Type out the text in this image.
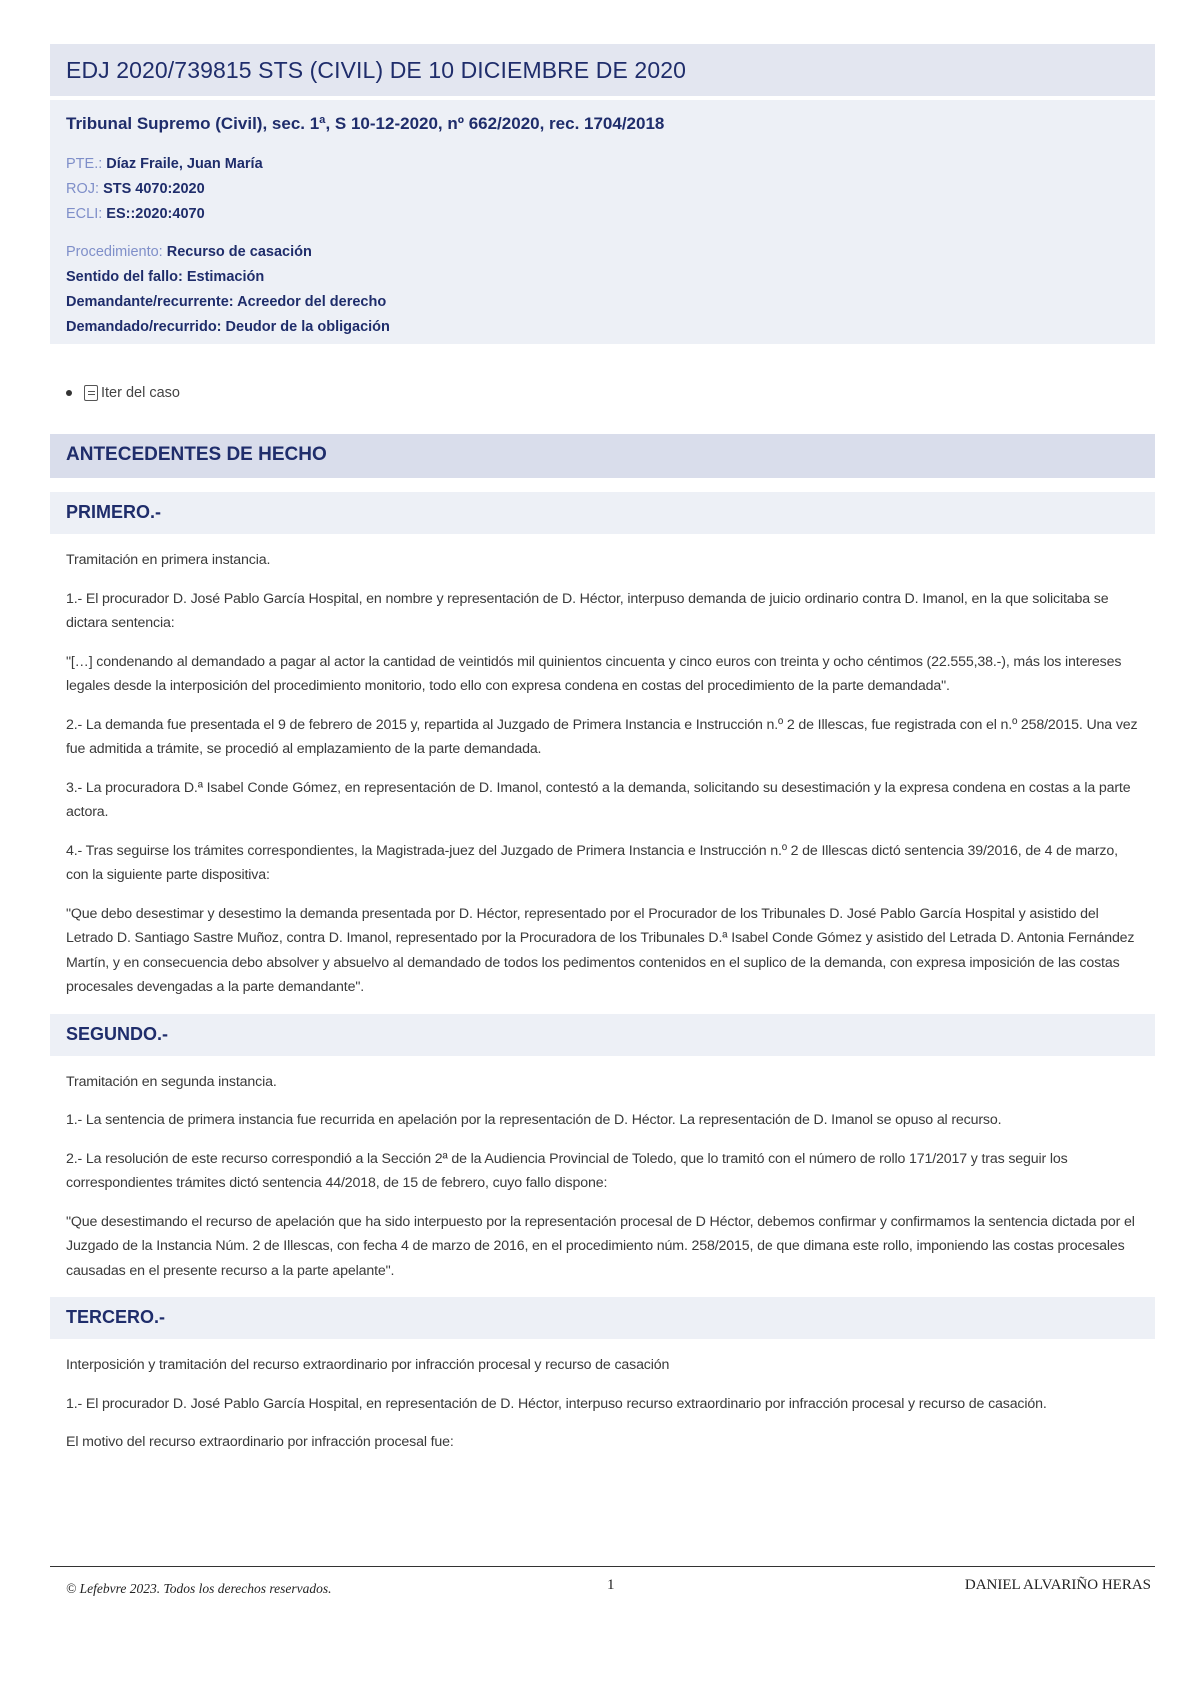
EDJ 2020/739815 STS (CIVIL) DE 10 DICIEMBRE DE 2020
Tribunal Supremo (Civil), sec. 1ª, S 10-12-2020, nº 662/2020, rec. 1704/2018
PTE.: Díaz Fraile, Juan María
ROJ: STS 4070:2020
ECLI: ES::2020:4070
Procedimiento: Recurso de casación
Sentido del fallo: Estimación
Demandante/recurrente: Acreedor del derecho
Demandado/recurrido: Deudor de la obligación
Iter del caso
ANTECEDENTES DE HECHO
PRIMERO.-

Tramitación en primera instancia.

1.- El procurador D. José Pablo García Hospital, en nombre y representación de D. Héctor, interpuso demanda de juicio ordinario contra D. Imanol, en la que solicitaba se dictara sentencia:

"[…] condenando al demandado a pagar al actor la cantidad de veintidós mil quinientos cincuenta y cinco euros con treinta y ocho céntimos (22.555,38.-), más los intereses legales desde la interposición del procedimiento monitorio, todo ello con expresa condena en costas del procedimiento de la parte demandada".

2.- La demanda fue presentada el 9 de febrero de 2015 y, repartida al Juzgado de Primera Instancia e Instrucción n.º 2 de Illescas, fue registrada con el n.º 258/2015. Una vez fue admitida a trámite, se procedió al emplazamiento de la parte demandada.

3.- La procuradora D.ª Isabel Conde Gómez, en representación de D. Imanol, contestó a la demanda, solicitando su desestimación y la expresa condena en costas a la parte actora.

4.- Tras seguirse los trámites correspondientes, la Magistrada-juez del Juzgado de Primera Instancia e Instrucción n.º 2 de Illescas dictó sentencia 39/2016, de 4 de marzo, con la siguiente parte dispositiva:

"Que debo desestimar y desestimo la demanda presentada por D. Héctor, representado por el Procurador de los Tribunales D. José Pablo García Hospital y asistido del Letrado D. Santiago Sastre Muñoz, contra D. Imanol, representado por la Procuradora de los Tribunales D.ª Isabel Conde Gómez y asistido del Letrada D. Antonia Fernández Martín, y en consecuencia debo absolver y absuelvo al demandado de todos los pedimentos contenidos en el suplico de la demanda, con expresa imposición de las costas procesales devengadas a la parte demandante".

SEGUNDO.-

Tramitación en segunda instancia.

1.- La sentencia de primera instancia fue recurrida en apelación por la representación de D. Héctor. La representación de D. Imanol se opuso al recurso.

2.- La resolución de este recurso correspondió a la Sección 2ª de la Audiencia Provincial de Toledo, que lo tramitó con el número de rollo 171/2017 y tras seguir los correspondientes trámites dictó sentencia 44/2018, de 15 de febrero, cuyo fallo dispone:

"Que desestimando el recurso de apelación que ha sido interpuesto por la representación procesal de D Héctor, debemos confirmar y confirmamos la sentencia dictada por el Juzgado de la Instancia Núm. 2 de Illescas, con fecha 4 de marzo de 2016, en el procedimiento núm. 258/2015, de que dimana este rollo, imponiendo las costas procesales causadas en el presente recurso a la parte apelante".

TERCERO.-

Interposición y tramitación del recurso extraordinario por infracción procesal y recurso de casación

1.- El procurador D. José Pablo García Hospital, en representación de D. Héctor, interpuso recurso extraordinario por infracción procesal y recurso de casación.

El motivo del recurso extraordinario por infracción procesal fue:

© Lefebvre 2023. Todos los derechos reservados.	1	DANIEL ALVARIÑO HERAS
